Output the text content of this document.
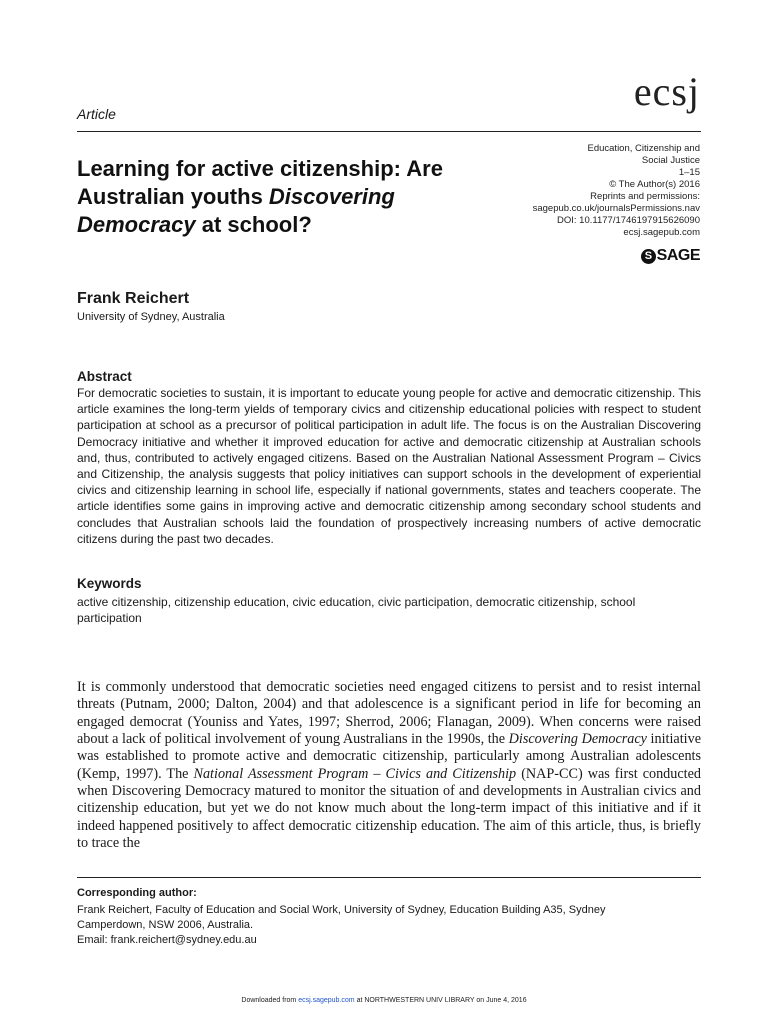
ecsj
Article
Learning for active citizenship: Are Australian youths Discovering Democracy at school?
Education, Citizenship and
Social Justice
1–15
© The Author(s) 2016
Reprints and permissions:
sagepub.co.uk/journalsPermissions.nav
DOI: 10.1177/1746197915626090
ecsj.sagepub.com
S SAGE
Frank Reichert
University of Sydney, Australia
Abstract

For democratic societies to sustain, it is important to educate young people for active and democratic citizenship. This article examines the long-term yields of temporary civics and citizenship educational policies with respect to student participation at school as a precursor of political participation in adult life. The focus is on the Australian Discovering Democracy initiative and whether it improved education for active and democratic citizenship at Australian schools and, thus, contributed to actively engaged citizens. Based on the Australian National Assessment Program – Civics and Citizenship, the analysis suggests that policy initiatives can support schools in the development of experiential civics and citizenship learning in school life, especially if national governments, states and teachers cooperate. The article identifies some gains in improving active and democratic citizenship among secondary school students and concludes that Australian schools laid the foundation of prospectively increasing numbers of active democratic citizens during the past two decades.

Keywords

active citizenship, citizenship education, civic education, civic participation, democratic citizenship, school participation

It is commonly understood that democratic societies need engaged citizens to persist and to resist internal threats (Putnam, 2000; Dalton, 2004) and that adolescence is a significant period in life for becoming an engaged democrat (Youniss and Yates, 1997; Sherrod, 2006; Flanagan, 2009). When concerns were raised about a lack of political involvement of young Australians in the 1990s, the Discovering Democracy initiative was established to promote active and democratic citizenship, particularly among Australian adolescents (Kemp, 1997). The National Assessment Program – Civics and Citizenship (NAP-CC) was first conducted when Discovering Democracy matured to monitor the situation of and developments in Australian civics and citizenship education, but yet we do not know much about the long-term impact of this initiative and if it indeed happened positively to affect democratic citizenship education. The aim of this article, thus, is briefly to trace the

Corresponding author:
Frank Reichert, Faculty of Education and Social Work, University of Sydney, Education Building A35, Sydney
Camperdown, NSW 2006, Australia.
Email: frank.reichert@sydney.edu.au
Downloaded from ecsj.sagepub.com at NORTHWESTERN UNIV LIBRARY on June 4, 2016
